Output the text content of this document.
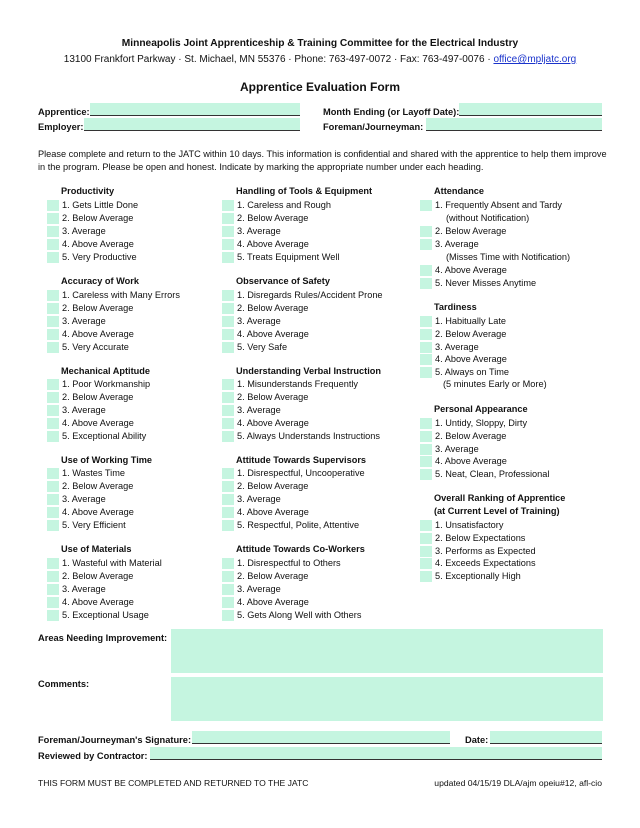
Minneapolis Joint Apprenticeship & Training Committee for the Electrical Industry
13100 Frankfort Parkway · St. Michael, MN 55376 · Phone: 763-497-0072 · Fax: 763-497-0076 · office@mpljatc.org
Apprentice Evaluation Form
Apprentice:
Employer:
Month Ending (or Layoff Date):
Foreman/Journeyman:
Please complete and return to the JATC within 10 days. This information is confidential and shared with the apprentice to help them improve in the program. Please be open and honest. Indicate by marking the appropriate number under each heading.
Productivity
1. Gets Little Done
2. Below Average
3. Average
4. Above Average
5. Very Productive
Accuracy of Work
1. Careless with Many Errors
2. Below Average
3. Average
4. Above Average
5. Very Accurate
Mechanical Aptitude
1. Poor Workmanship
2. Below Average
3. Average
4. Above Average
5. Exceptional Ability
Use of Working Time
1. Wastes Time
2. Below Average
3. Average
4. Above Average
5. Very Efficient
Use of Materials
1. Wasteful with Material
2. Below Average
3. Average
4. Above Average
5. Exceptional Usage
Handling of Tools & Equipment
1. Careless and Rough
2. Below Average
3. Average
4. Above Average
5. Treats Equipment Well
Observance of Safety
1. Disregards Rules/Accident Prone
2. Below Average
3. Average
4. Above Average
5. Very Safe
Understanding Verbal Instruction
1. Misunderstands Frequently
2. Below Average
3. Average
4. Above Average
5. Always Understands Instructions
Attitude Towards Supervisors
1. Disrespectful, Uncooperative
2. Below Average
3. Average
4. Above Average
5. Respectful, Polite, Attentive
Attitude Towards Co-Workers
1. Disrespectful to Others
2. Below Average
3. Average
4. Above Average
5. Gets Along Well with Others
Attendance
1. Frequently Absent and Tardy
(without Notification)
2. Below Average
3. Average
(Misses Time with Notification)
4. Above Average
5. Never Misses Anytime
Tardiness
1. Habitually Late
2. Below Average
3. Average
4. Above Average
5. Always on Time
(5 minutes Early or More)
Personal Appearance
1. Untidy, Sloppy, Dirty
2. Below Average
3. Average
4. Above Average
5. Neat, Clean, Professional
Overall Ranking of Apprentice
(at Current Level of Training)
1. Unsatisfactory
2. Below Expectations
3. Performs as Expected
4. Exceeds Expectations
5. Exceptionally High
Areas Needing Improvement:
Comments:
Foreman/Journeyman's Signature:	Date:
Reviewed by Contractor:
THIS FORM MUST BE COMPLETED AND RETURNED TO THE JATC	updated 04/15/19 DLA/ajm opeiu#12, afl-cio
